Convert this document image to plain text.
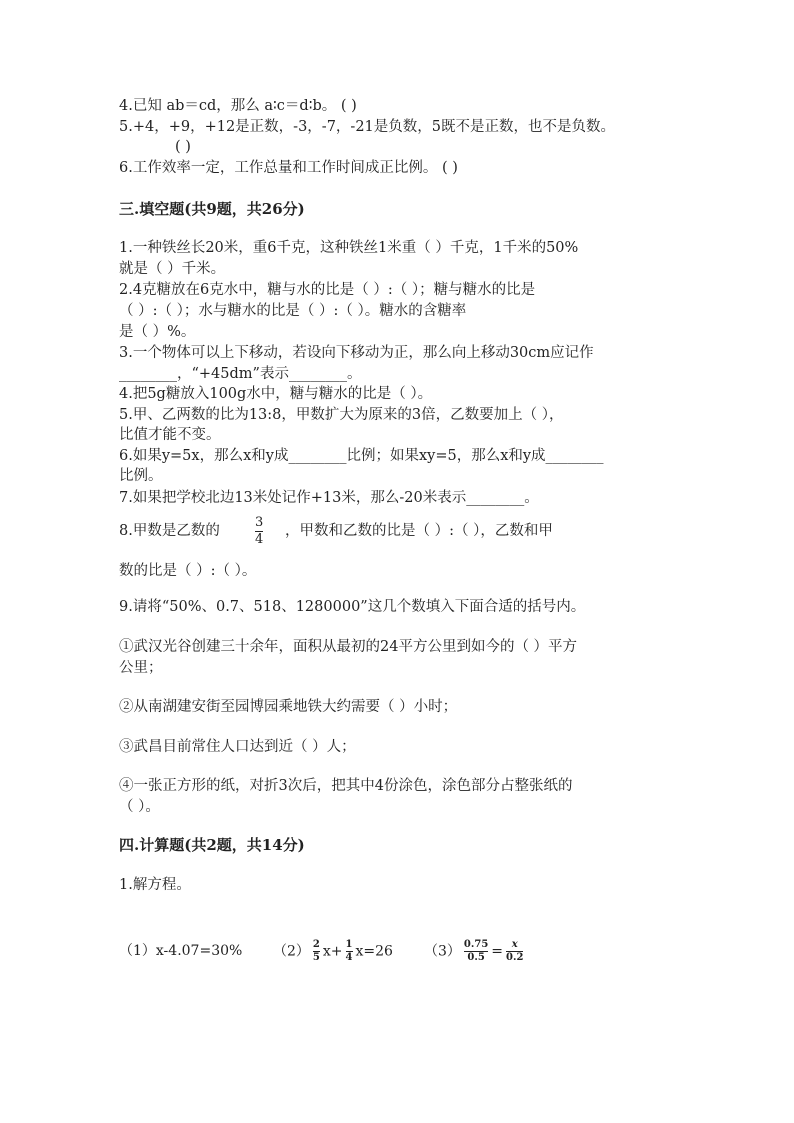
4.已知 ab＝cd，那么 a∶c＝d∶b。 ( )
5.+4，+9，+12是正数，-3，-7，-21是负数，5既不是正数，也不是负数。
( )
6.工作效率一定，工作总量和工作时间成正比例。 ( )
三.填空题(共9题，共26分)
1.一种铁丝长20米，重6千克，这种铁丝1米重（ ）千克，1千米的50%
就是（ ）千米。
2.4克糖放在6克水中，糖与水的比是（ ）:（ ）；糖与糖水的比是
（ ）:（ ）；水与糖水的比是（ ）:（ ）。糖水的含糖率
是（ ）%。
3.一个物体可以上下移动，若设向下移动为正，那么向上移动30cm应记作
________，“+45dm”表示________。
4.把5g糖放入100g水中，糖与糖水的比是（ ）。
5.甲、乙两数的比为13:8，甲数扩大为原来的3倍，乙数要加上（ ），
比值才能不变。
6.如果y=5x，那么x和y成________比例；如果xy=5，那么x和y成________
比例。
7.如果把学校北边13米处记作+13米，那么-20米表示________。
8.甲数是乙数的
3
4
，甲数和乙数的比是（ ）:（ ），乙数和甲
数的比是（ ）:（ ）。
9.请将“50%、0.7、518、1280000”这几个数填入下面合适的括号内。
①武汉光谷创建三十余年，面积从最初的24平方公里到如今的（ ）平方
公里；
②从南湖建安街至园博园乘地铁大约需要（ ）小时；
③武昌目前常住人口达到近（ ）人；
④一张正方形的纸，对折3次后，把其中4份涂色，涂色部分占整张纸的
（ ）。
四.计算题(共2题，共14分)
1.解方程。
（1）x-4.07=30% $(2) \frac{2}{5} x+ \frac{1}{4} x=26$ $(3) \frac{0.75}{0.5} = \frac{x}{0.2}$
